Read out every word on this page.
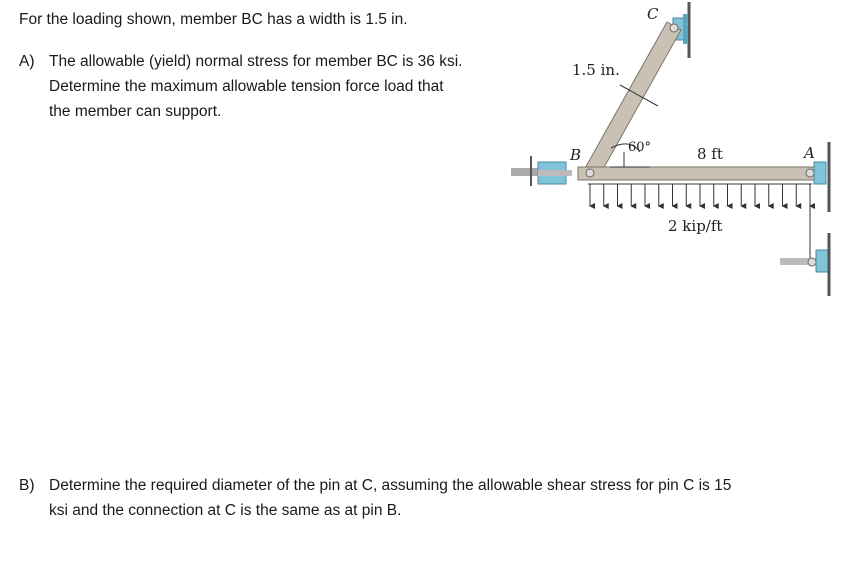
For the loading shown, member BC has a width is 1.5 in.

A) The allowable (yield) normal stress for member BC is 36 ksi.
Determine the maximum allowable tension force load that
the member can support.
C
1.5 in.
B	60°	8 ft	A
2 kip/ft
B) Determine the required diameter of the pin at C, assuming the allowable shear stress for pin C is 15
ksi and the connection at C is the same as at pin B.
